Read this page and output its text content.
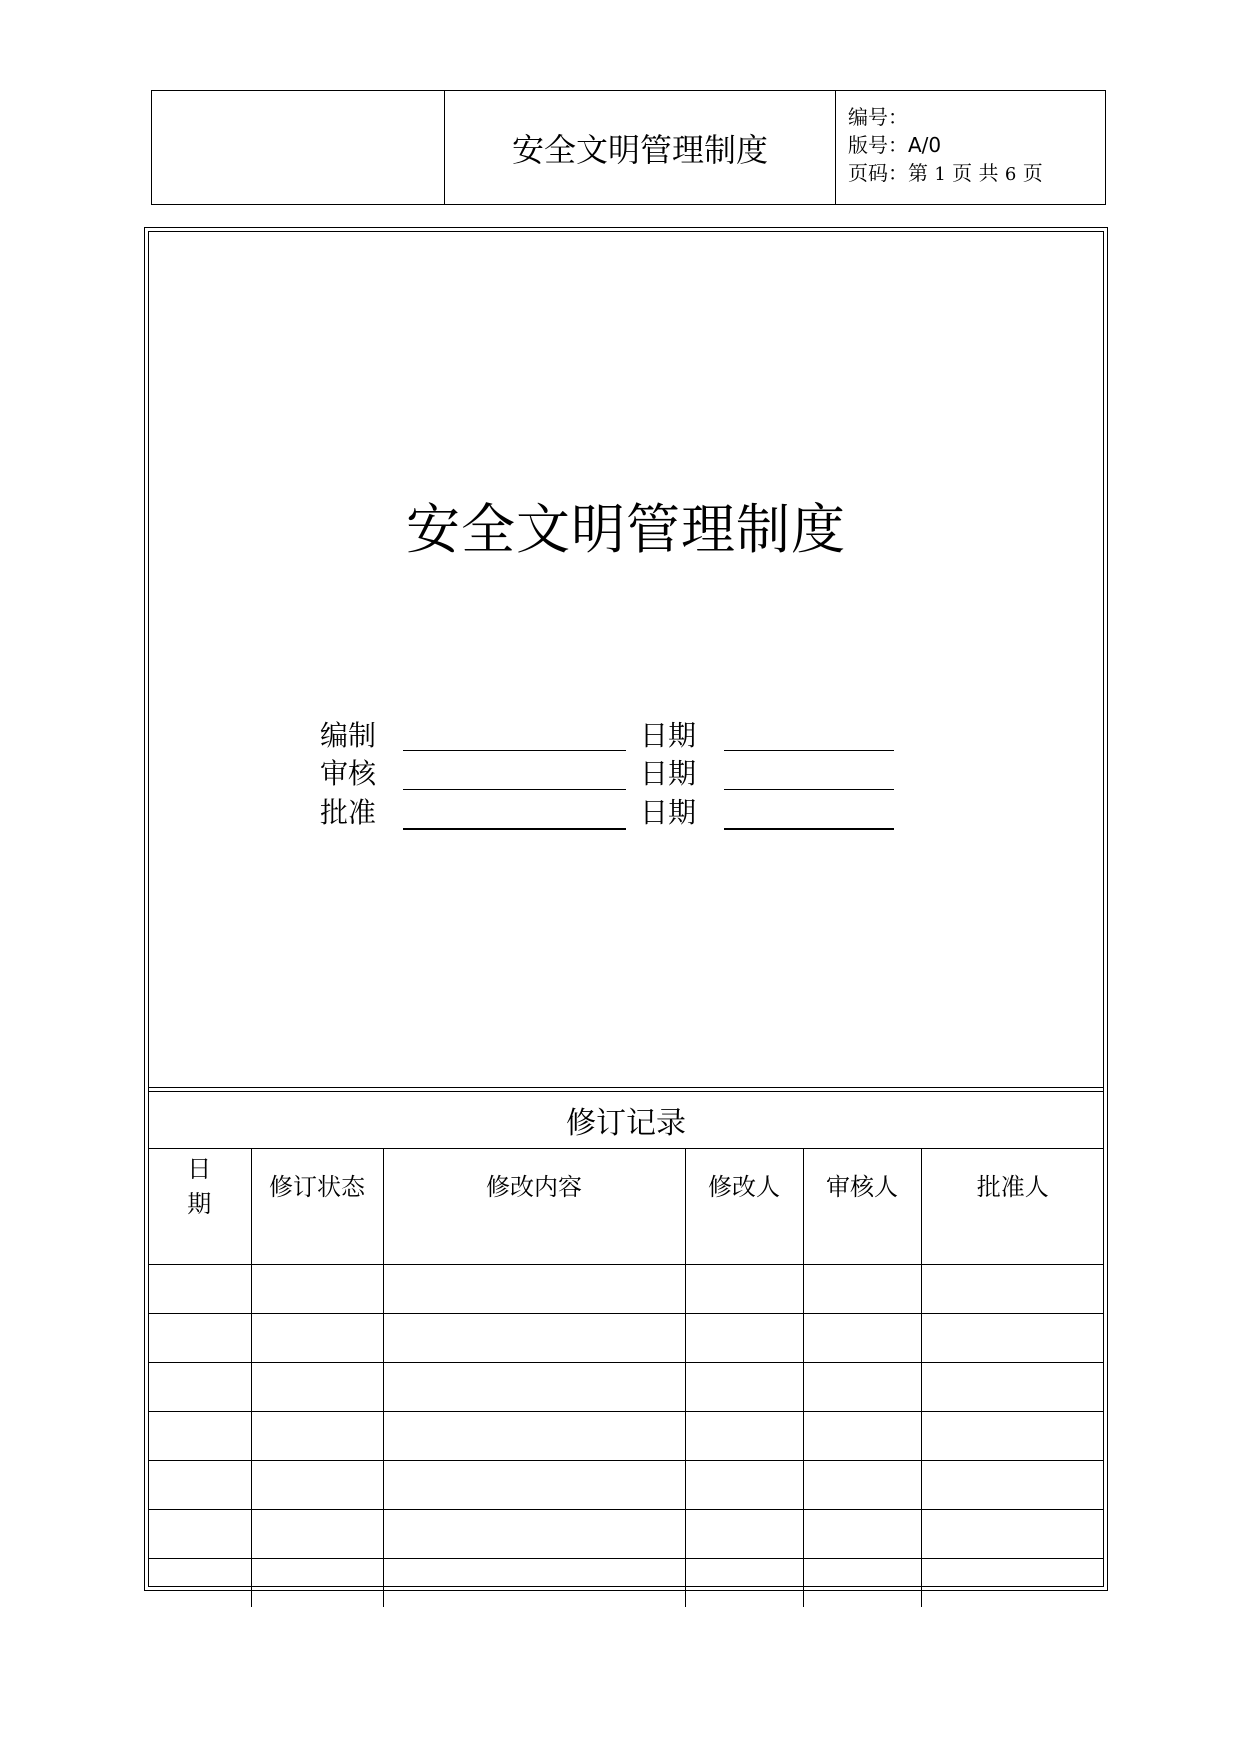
安全文明管理制度
编号：
版号：A/0
页码：第 1 页 共 6 页
安全文明管理制度
编制	日期
审核	日期
批准	日期
修订记录
日期	修订状态	修改内容	修改人	审核人	批准人
